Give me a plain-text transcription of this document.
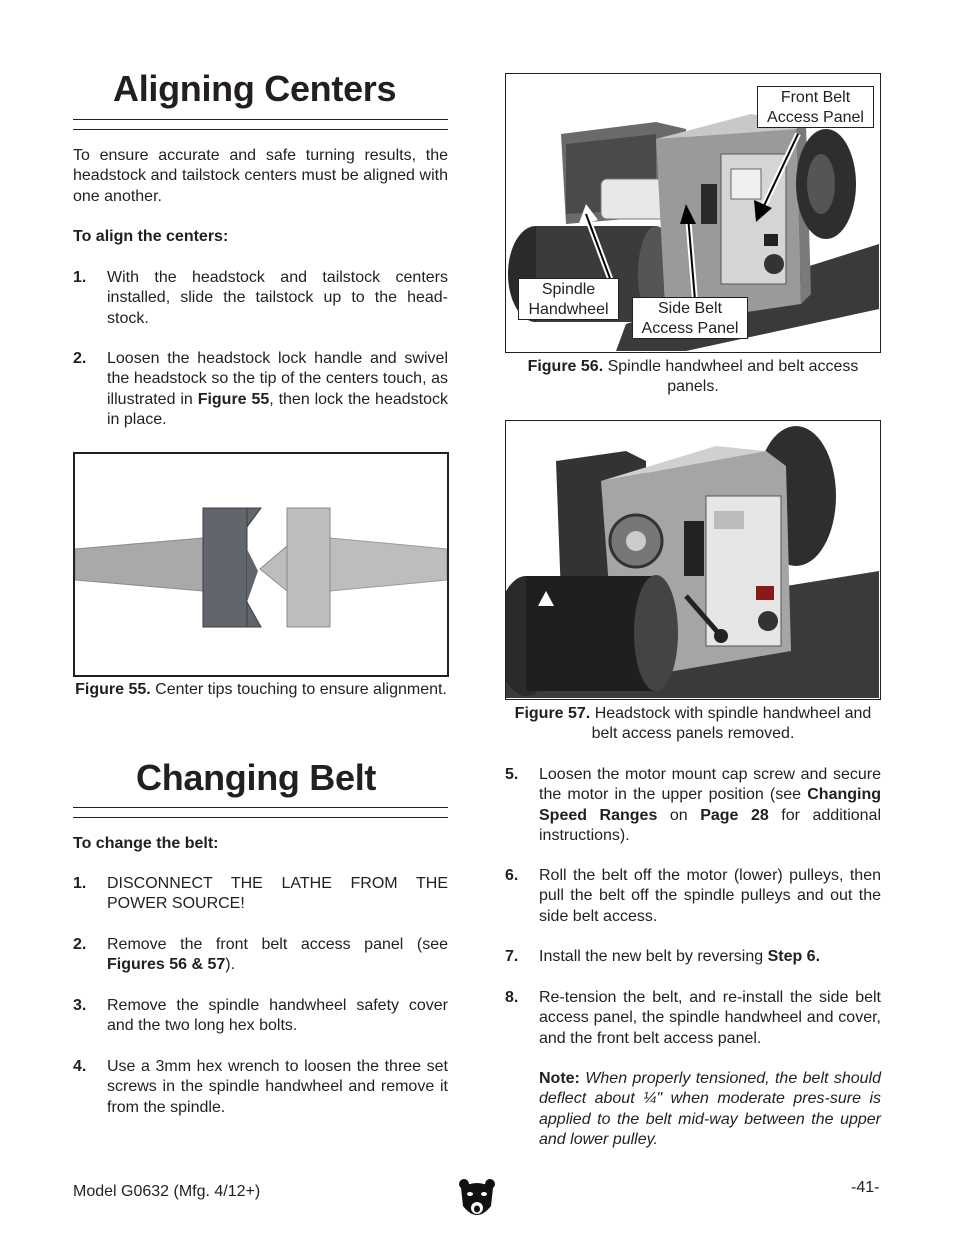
Aligning Centers
To ensure accurate and safe turning results, the headstock and tailstock centers must be aligned with one another.
To align the centers:
1. With the headstock and tailstock centers installed, slide the tailstock up to the head-stock.
2. Loosen the headstock lock handle and swivel the headstock so the tip of the centers touch, as illustrated in Figure 55, then lock the headstock in place.
Figure 55. Center tips touching to ensure alignment.
Changing Belt
To change the belt:
1. DISCONNECT THE LATHE FROM THE POWER SOURCE!
2. Remove the front belt access panel (see Figures 56 & 57).
3. Remove the spindle handwheel safety cover and the two long hex bolts.
4. Use a 3mm hex wrench to loosen the three set screws in the spindle handwheel and remove it from the spindle.
Front Belt Access Panel
Spindle Handwheel	Side Belt Access Panel
Figure 56. Spindle handwheel and belt access panels.
Figure 57. Headstock with spindle handwheel and belt access panels removed.
5. Loosen the motor mount cap screw and secure the motor in the upper position (see Changing Speed Ranges on Page 28 for additional instructions).
6. Roll the belt off the motor (lower) pulleys, then pull the belt off the spindle pulleys and out the side belt access.
7. Install the new belt by reversing Step 6.
8. Re-tension the belt, and re-install the side belt access panel, the spindle handwheel and cover, and the front belt access panel.
Note: When properly tensioned, the belt should deflect about ¼" when moderate pres-sure is applied to the belt mid-way between the upper and lower pulley.
Model G0632 (Mfg. 4/12+)	-41-
